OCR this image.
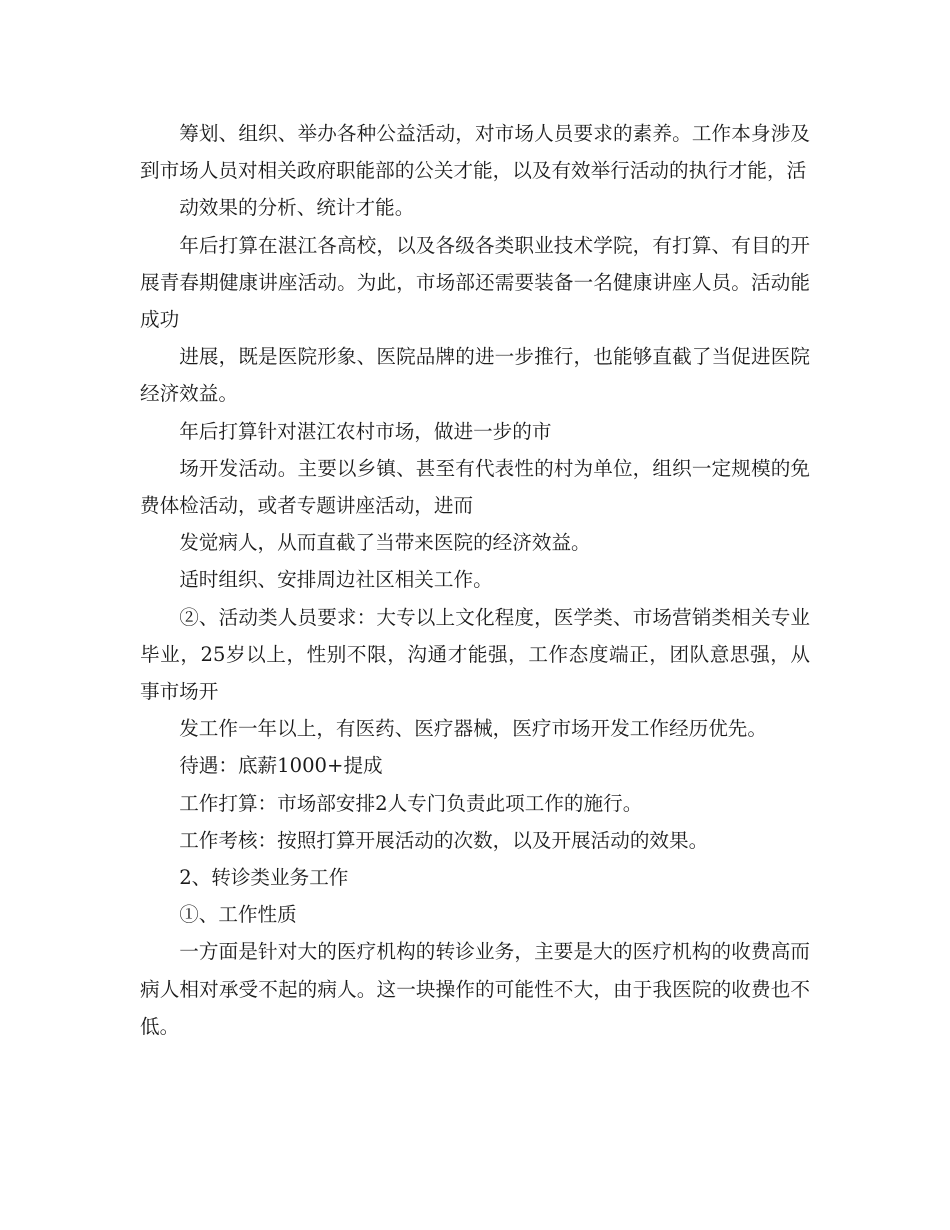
筹划、组织、举办各种公益活动，对市场人员要求的素养。工作本身涉及到市场人员对相关政府职能部的公关才能，以及有效举行活动的执行才能，活

动效果的分析、统计才能。

年后打算在湛江各高校，以及各级各类职业技术学院，有打算、有目的开展青春期健康讲座活动。为此，市场部还需要装备一名健康讲座人员。活动能成功

进展，既是医院形象、医院品牌的进一步推行，也能够直截了当促进医院经济效益。

年后打算针对湛江农村市场，做进一步的市

场开发活动。主要以乡镇、甚至有代表性的村为单位，组织一定规模的免费体检活动，或者专题讲座活动，进而

发觉病人，从而直截了当带来医院的经济效益。

适时组织、安排周边社区相关工作。

②、活动类人员要求：大专以上文化程度，医学类、市场营销类相关专业毕业，25岁以上，性别不限，沟通才能强，工作态度端正，团队意思强，从事市场开

发工作一年以上，有医药、医疗器械，医疗市场开发工作经历优先。

待遇：底薪1000+提成

工作打算：市场部安排2人专门负责此项工作的施行。

工作考核：按照打算开展活动的次数，以及开展活动的效果。

2、转诊类业务工作

①、工作性质

一方面是针对大的医疗机构的转诊业务，主要是大的医疗机构的收费高而病人相对承受不起的病人。这一块操作的可能性不大，由于我医院的收费也不低。
